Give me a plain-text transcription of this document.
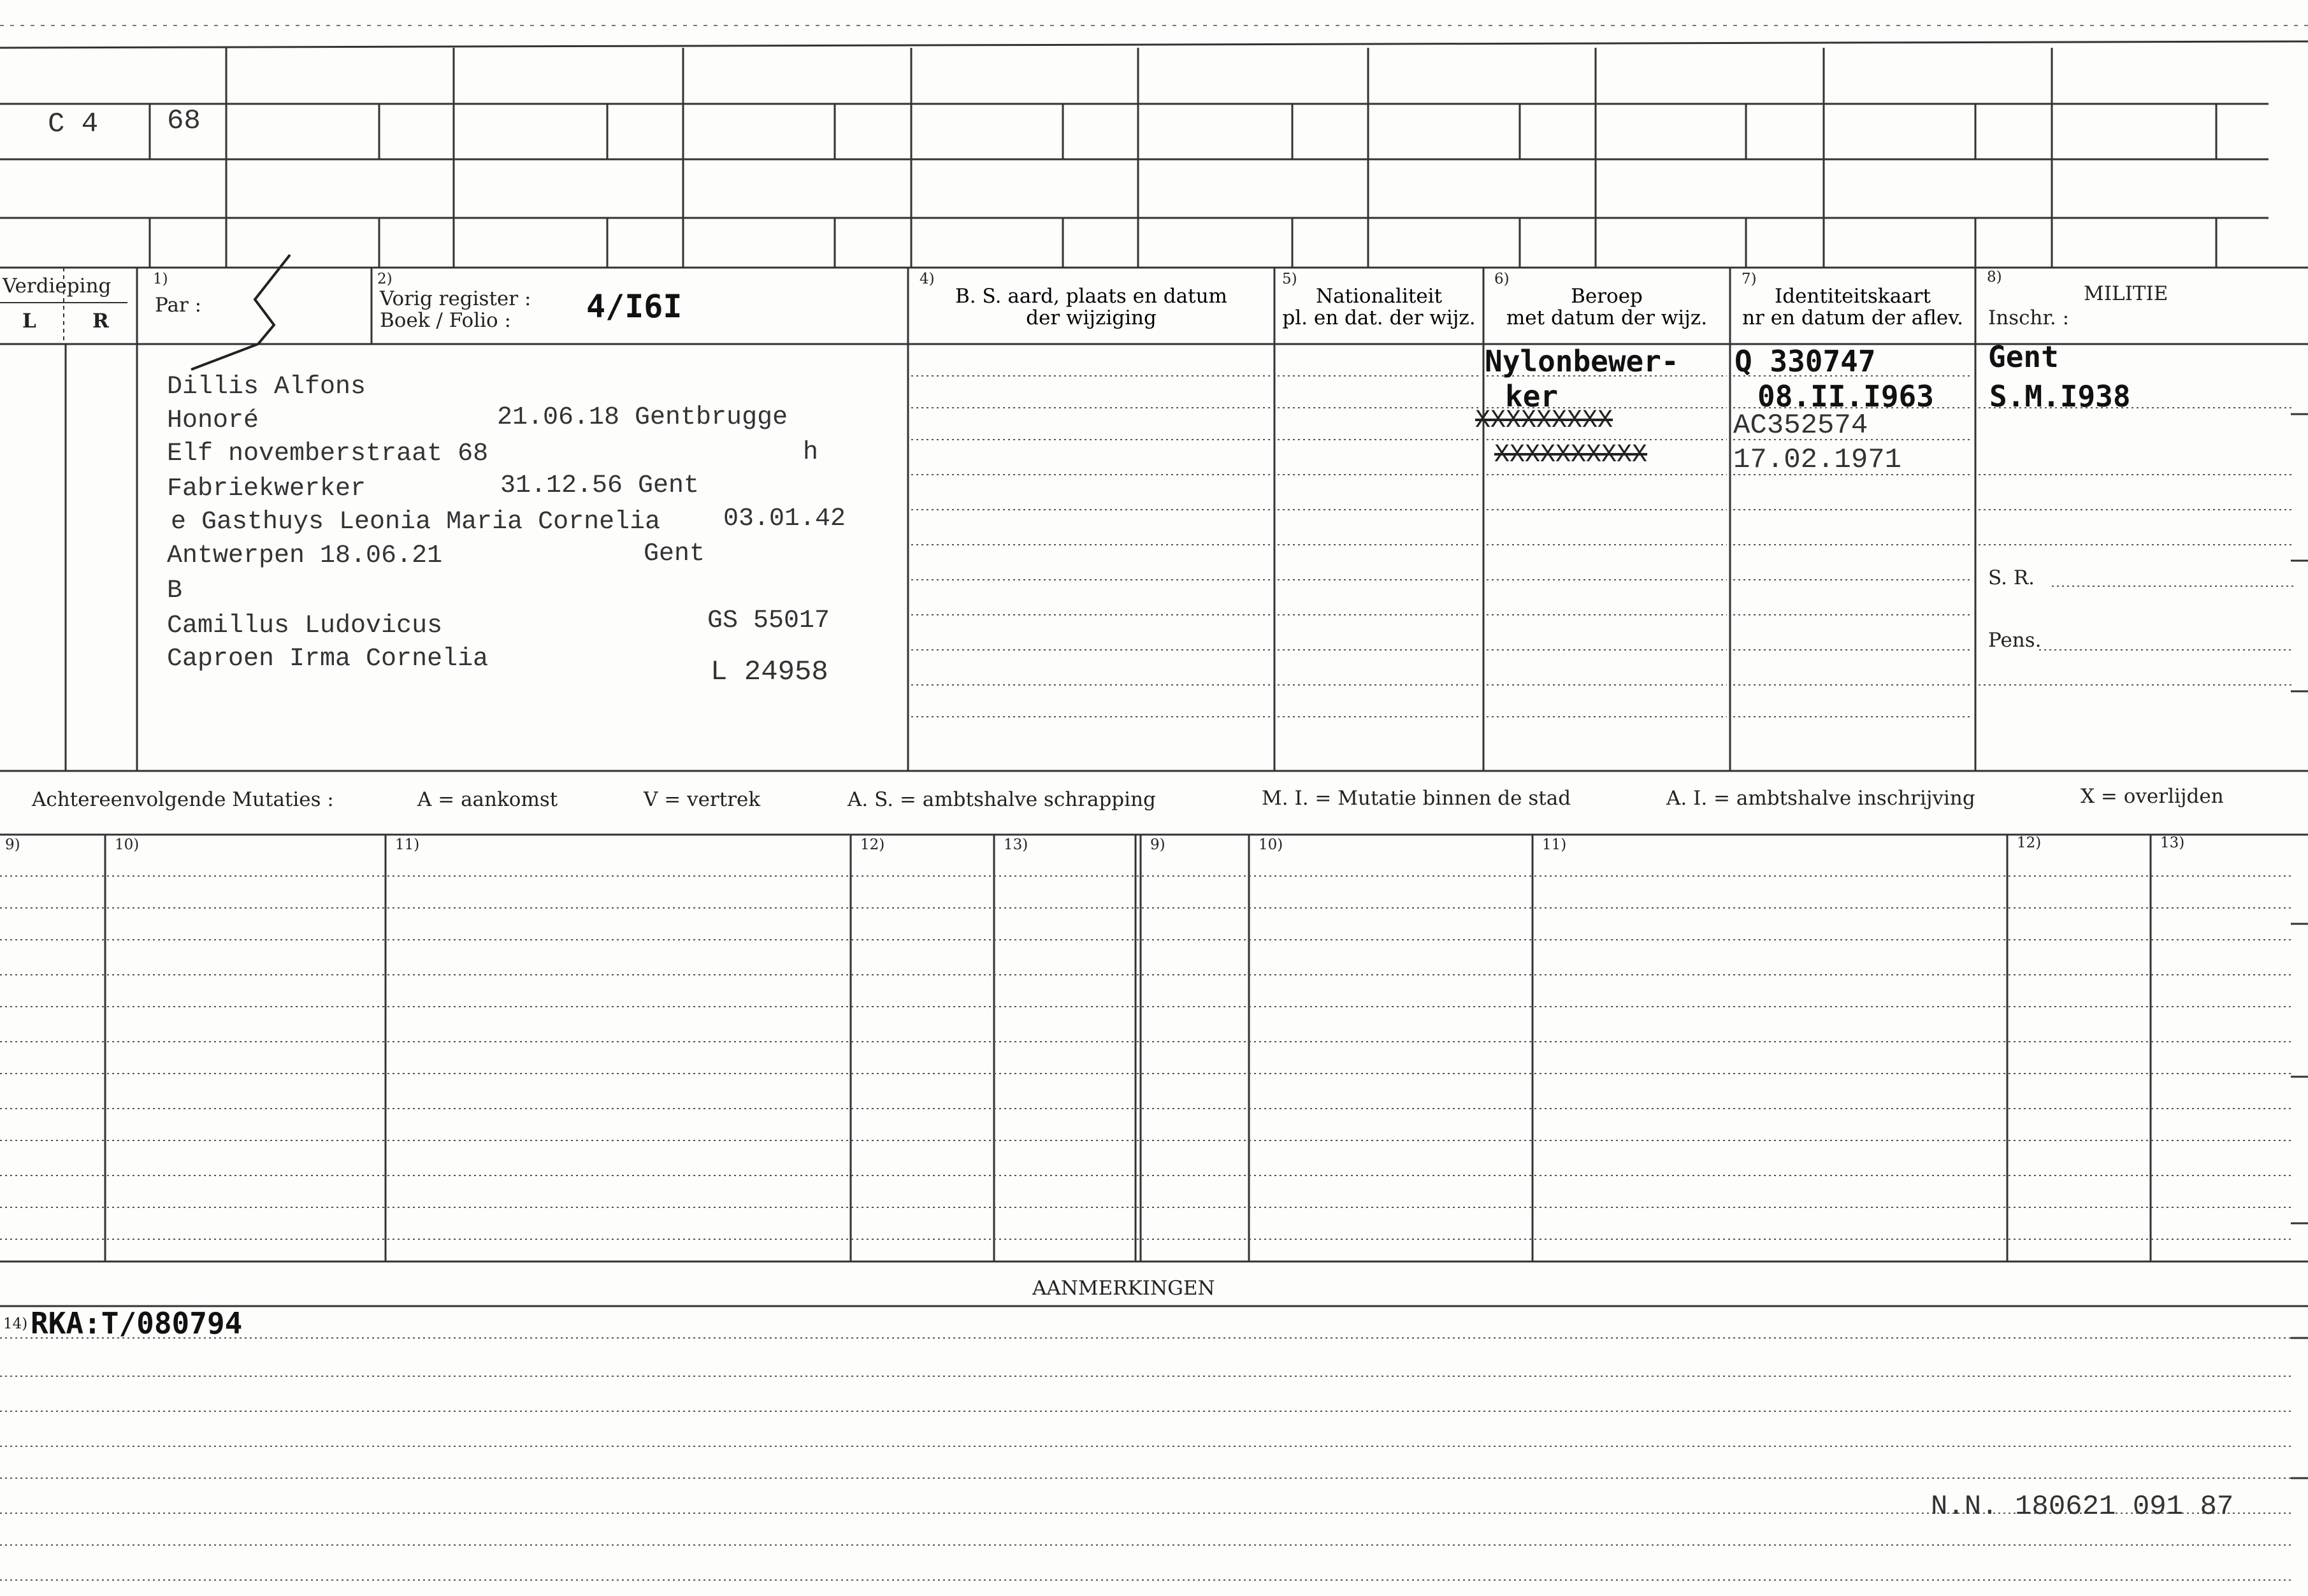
C 4 68
Verdieping
L	R
1)
Par :
2)
Vorig register :
Boek / Folio : 4/I6I
4)
B. S. aard, plaats en datum
der wijziging
5)
Nationaliteit
pl. en dat. der wijz.
6)
Beroep
met datum der wijz.
7)
Identiteitskaart
nr en datum der aflev.
8)
MILITIE
Inschr. :
Dillis Alfons
Honoré	21.06.18 Gentbrugge
Elf novemberstraat 68	h
Fabriekwerker	31.12.56 Gent
e Gasthuys Leonia Maria Cornelia 03.01.42
Antwerpen 18.06.21	Gent
B
Camillus Ludovicus	GS 55017
Caproen Irma Cornelia	L 24958
Nylonbewer-
ker
XXXXXXXXX
XXXXXXXXXX
Q 330747
08.II.I963
AC352574
17.02.1971
Gent
S.M.I938
S. R.
Pens.
Achtereenvolgende Mutaties :	A = aankomst	V = vertrek	A. S. = ambtshalve schrapping	M. I. = Mutatie binnen de stad	A. I. = ambtshalve inschrijving	X = overlijden
9)	10)	11)	12)	13)	9)	10)	11)	12)	13)
AANMERKINGEN
14) RKA:T/080794
N.N. 180621 091 87
